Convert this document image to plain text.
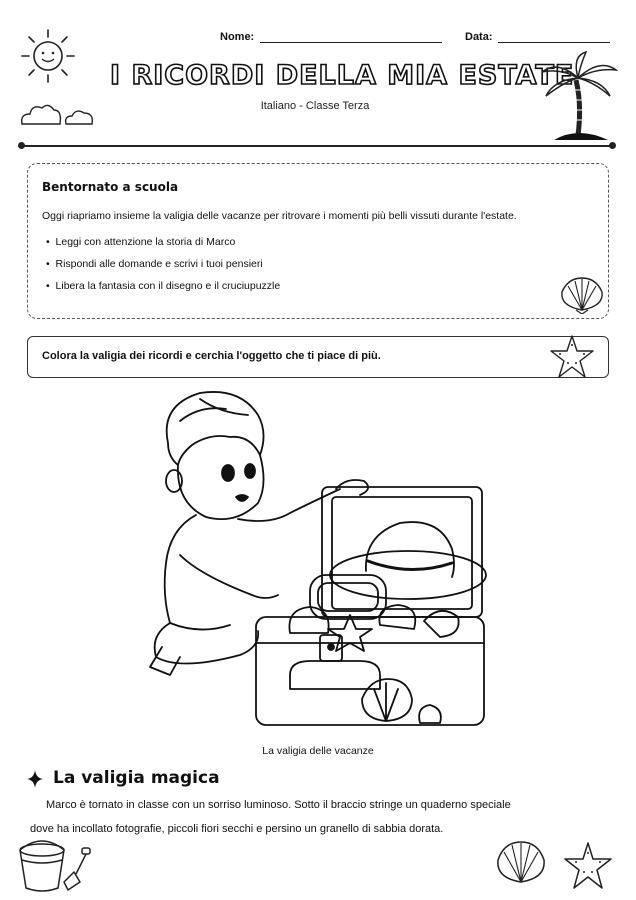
Nome:	Data:
I RICORDI DELLA MIA ESTATE
Italiano - Classe Terza
Bentornato a scuola
Oggi riapriamo insieme la valigia delle vacanze per ritrovare i momenti più belli vissuti durante l'estate.
•  Leggi con attenzione la storia di Marco
•  Rispondi alle domande e scrivi i tuoi pensieri
•  Libera la fantasia con il disegno e il cruciupuzzle
Colora la valigia dei ricordi e cerchia l'oggetto che ti piace di più.
La valigia delle vacanze
La valigia magica
Marco è tornato in classe con un sorriso luminoso. Sotto il braccio stringe un quaderno speciale
dove ha incollato fotografie, piccoli fiori secchi e persino un granello di sabbia dorata.
